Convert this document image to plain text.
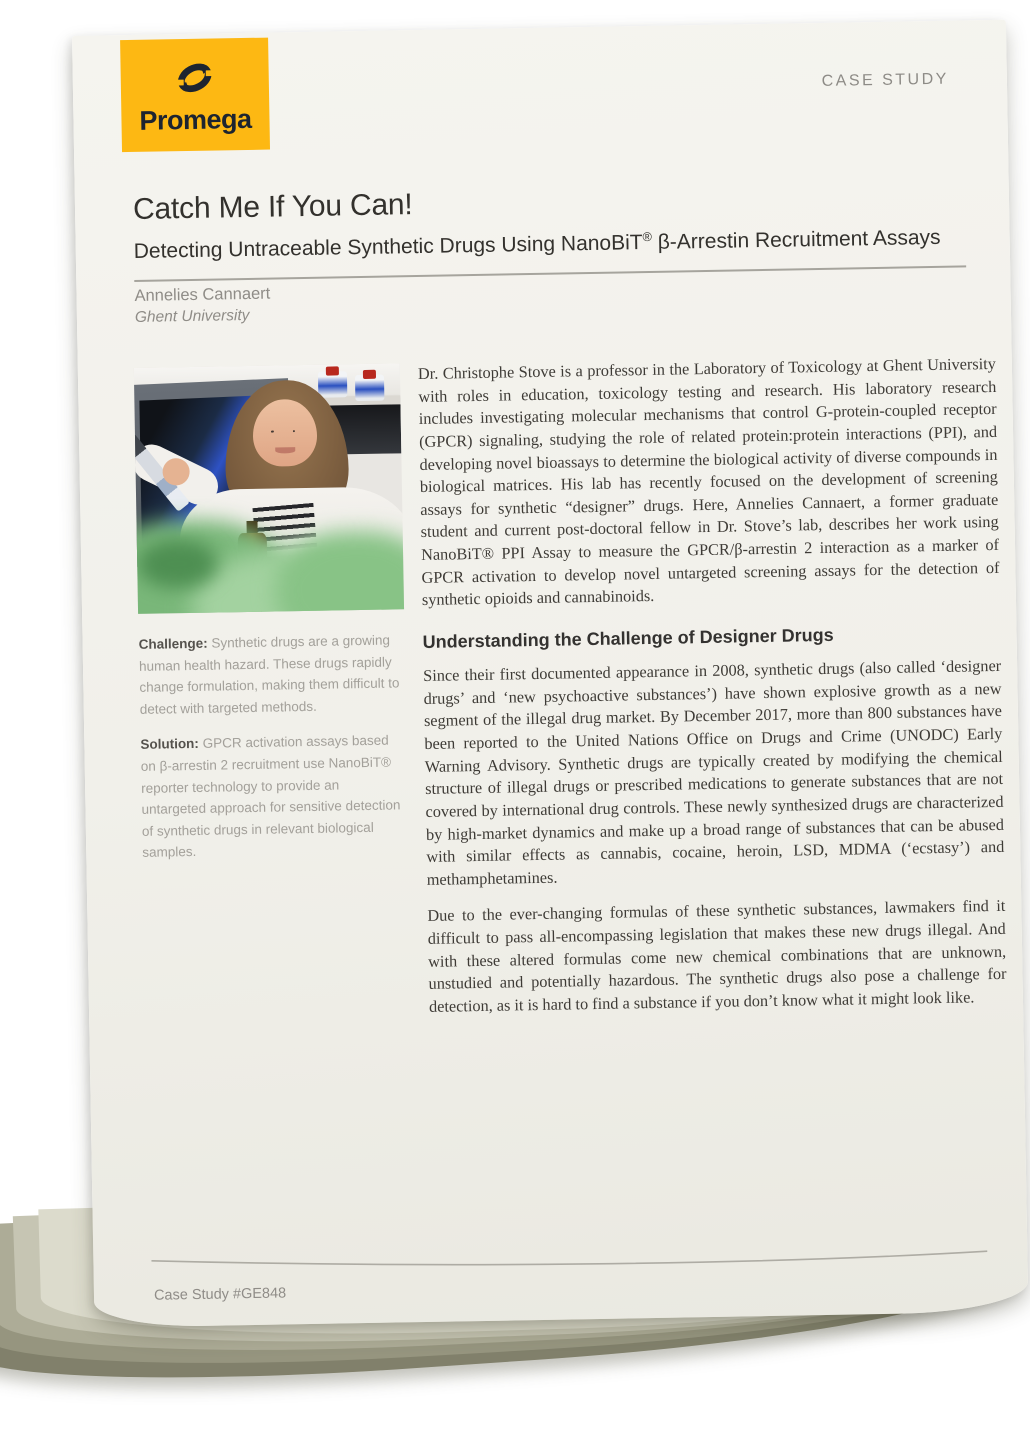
Promega
CASE STUDY
Catch Me If You Can!
Detecting Untraceable Synthetic Drugs Using NanoBiT® β-Arrestin Recruitment Assays
Annelies Cannaert
Ghent University

Challenge: Synthetic drugs are a growing human health hazard. These drugs rapidly change formulation, making them difficult to detect with targeted methods.

Solution: GPCR activation assays based on β-arrestin 2 recruitment use NanoBiT® reporter technology to provide an untargeted approach for sensitive detection of synthetic drugs in relevant biological samples.

Dr. Christophe Stove is a professor in the Laboratory of Toxicology at Ghent University with roles in education, toxicology testing and research. His laboratory research includes investigating molecular mechanisms that control G-protein-coupled receptor (GPCR) signaling, studying the role of related protein:protein interactions (PPI), and developing novel bioassays to determine the biological activity of diverse compounds in biological matrices. His lab has recently focused on the development of screening assays for synthetic “designer” drugs. Here, Annelies Cannaert, a former graduate student and current post-doctoral fellow in Dr. Stove’s lab, describes her work using NanoBiT® PPI Assay to measure the GPCR/β-arrestin 2 interaction as a marker of GPCR activation to develop novel untargeted screening assays for the detection of synthetic opioids and cannabinoids.

Understanding the Challenge of Designer Drugs

Since their first documented appearance in 2008, synthetic drugs (also called ‘designer drugs’ and ‘new psychoactive substances’) have shown explosive growth as a new segment of the illegal drug market. By December 2017, more than 800 substances have been reported to the United Nations Office on Drugs and Crime (UNODC) Early Warning Advisory. Synthetic drugs are typically created by modifying the chemical structure of illegal drugs or prescribed medications to generate substances that are not covered by international drug controls. These newly synthesized drugs are characterized by high-market dynamics and make up a broad range of substances that can be abused with similar effects as cannabis, cocaine, heroin, LSD, MDMA (‘ecstasy’) and methamphetamines.

Due to the ever-changing formulas of these synthetic substances, lawmakers find it difficult to pass all-encompassing legislation that makes these new drugs illegal. And with these altered formulas come new chemical combinations that are unknown, unstudied and potentially hazardous. The synthetic drugs also pose a challenge for detection, as it is hard to find a substance if you don’t know what it might look like.

Case Study #GE848
